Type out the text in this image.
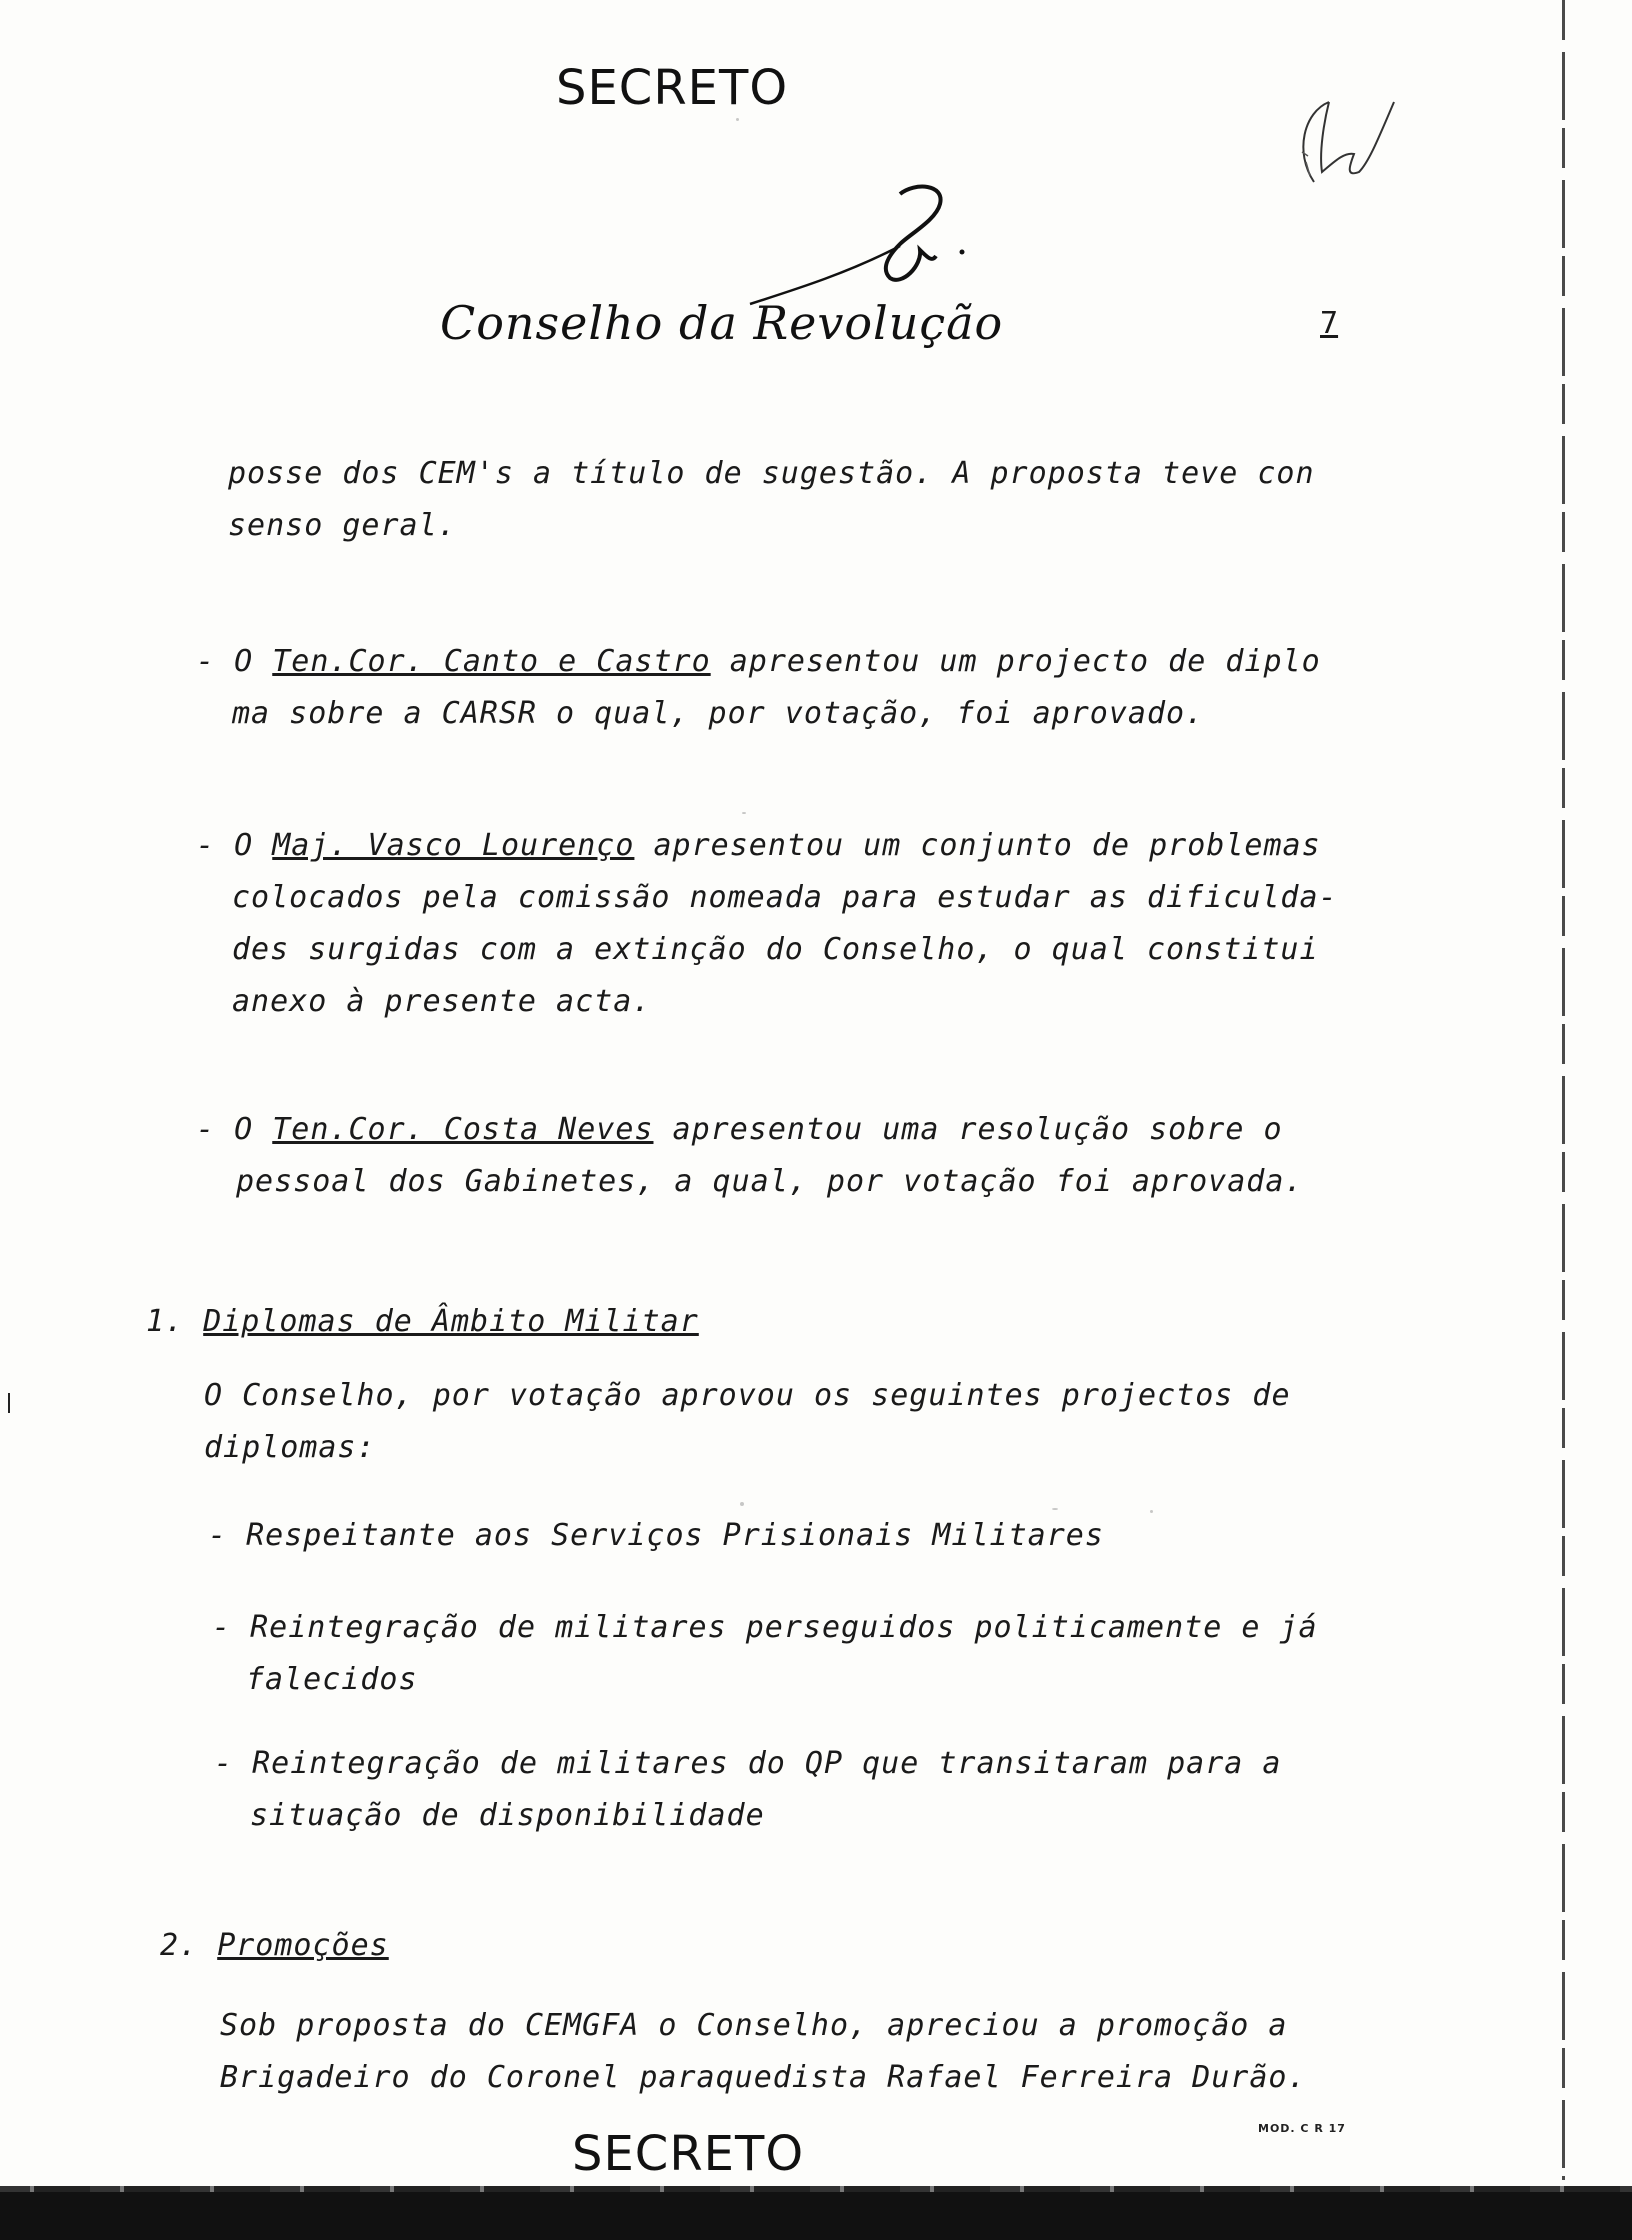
SECRETO
Conselho da Revolução	7
posse dos CEM's a título de sugestão. A proposta teve con
senso geral.
- O Ten.Cor. Canto e Castro apresentou um projecto de diplo
ma sobre a CARSR o qual, por votação, foi aprovado.
- O Maj. Vasco Lourenço apresentou um conjunto de problemas
colocados pela comissão nomeada para estudar as dificulda-
des surgidas com a extinção do Conselho, o qual constitui
anexo à presente acta.
- O Ten.Cor. Costa Neves apresentou uma resolução sobre o
pessoal dos Gabinetes, a qual, por votação foi aprovada.
1. Diplomas de Âmbito Militar
O Conselho, por votação aprovou os seguintes projectos de
diplomas:
- Respeitante aos Serviços Prisionais Militares
- Reintegração de militares perseguidos politicamente e já
falecidos
- Reintegração de militares do QP que transitaram para a
situação de disponibilidade
2. Promoções
Sob proposta do CEMGFA o Conselho, apreciou a promoção a
Brigadeiro do Coronel paraquedista Rafael Ferreira Durão.
SECRETO	MOD. C R 17
